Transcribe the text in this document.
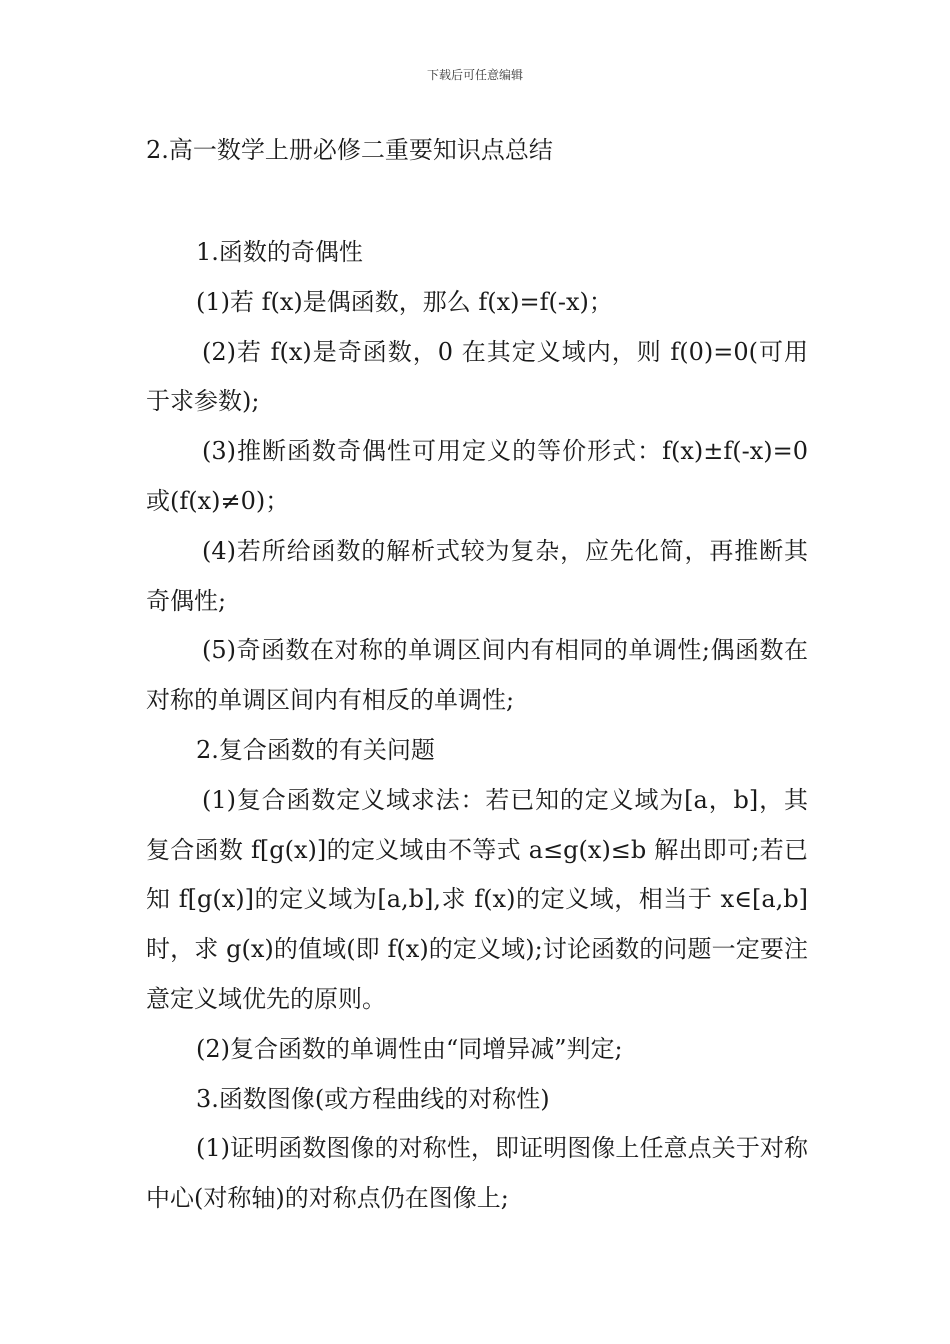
下载后可任意编辑
2.高一数学上册必修二重要知识点总结

1.函数的奇偶性

(1)若 f(x)是偶函数，那么 f(x)=f(-x)；

(2)若 f(x)是奇函数，0 在其定义域内，则 f(0)=0(可用于求参数);

(3)推断函数奇偶性可用定义的等价形式：f(x)±f(-x)=0 或(f(x)≠0)；

(4)若所给函数的解析式较为复杂，应先化简，再推断其奇偶性;

(5)奇函数在对称的单调区间内有相同的单调性;偶函数在对称的单调区间内有相反的单调性;

2.复合函数的有关问题

(1)复合函数定义域求法：若已知的定义域为[a，b]，其复合函数 f[g(x)]的定义域由不等式 a≤g(x)≤b 解出即可;若已知 f[g(x)]的定义域为[a,b],求 f(x)的定义域，相当于 x∈[a,b]时，求 g(x)的值域(即 f(x)的定义域);讨论函数的问题一定要注意定义域优先的原则。

(2)复合函数的单调性由“同增异减”判定;

3.函数图像(或方程曲线的对称性)

(1)证明函数图像的对称性，即证明图像上任意点关于对称中心(对称轴)的对称点仍在图像上;
